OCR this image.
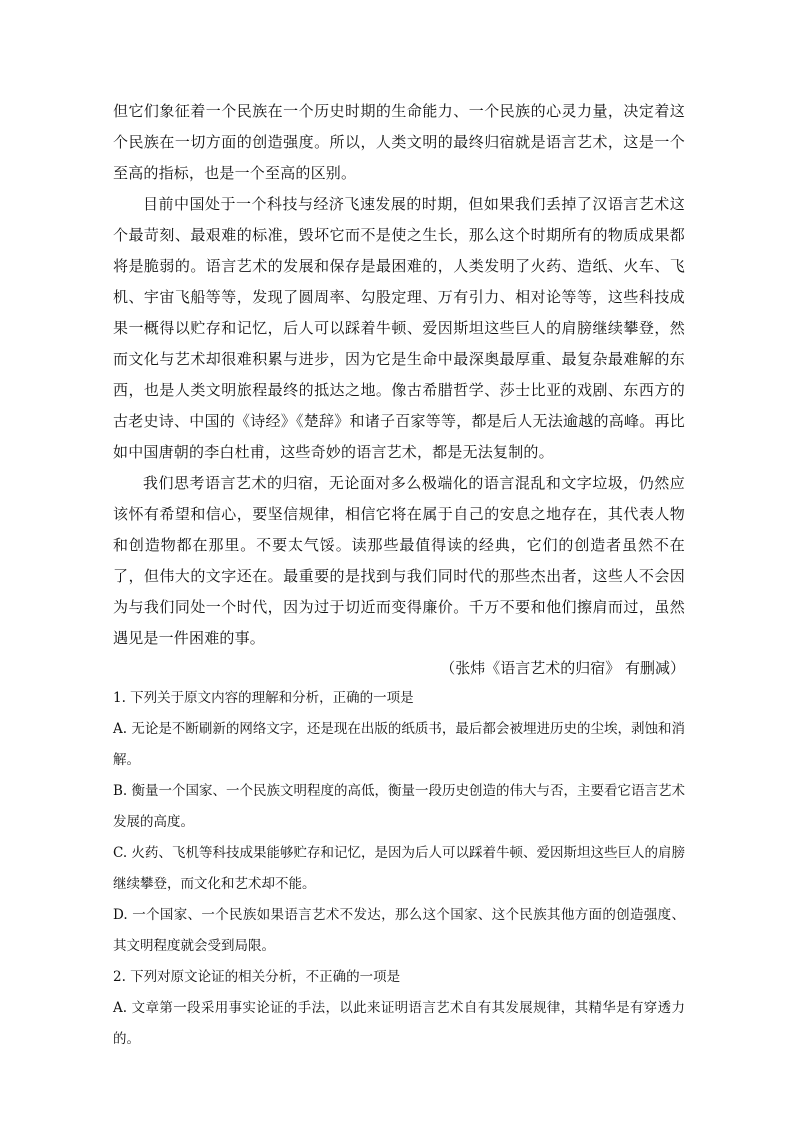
但它们象征着一个民族在一个历史时期的生命能力、一个民族的心灵力量，决定着这个民族在一切方面的创造强度。所以，人类文明的最终归宿就是语言艺术，这是一个至高的指标，也是一个至高的区别。

目前中国处于一个科技与经济飞速发展的时期，但如果我们丢掉了汉语言艺术这个最苛刻、最艰难的标准，毁坏它而不是使之生长，那么这个时期所有的物质成果都将是脆弱的。语言艺术的发展和保存是最困难的，人类发明了火药、造纸、火车、飞机、宇宙飞船等等，发现了圆周率、勾股定理、万有引力、相对论等等，这些科技成果一概得以贮存和记忆，后人可以踩着牛顿、爱因斯坦这些巨人的肩膀继续攀登，然而文化与艺术却很难积累与进步，因为它是生命中最深奥最厚重、最复杂最难解的东西，也是人类文明旅程最终的抵达之地。像古希腊哲学、莎士比亚的戏剧、东西方的古老史诗、中国的《诗经》《楚辞》和诸子百家等等，都是后人无法逾越的高峰。再比如中国唐朝的李白杜甫，这些奇妙的语言艺术，都是无法复制的。

我们思考语言艺术的归宿，无论面对多么极端化的语言混乱和文字垃圾，仍然应该怀有希望和信心，要坚信规律，相信它将在属于自己的安息之地存在，其代表人物和创造物都在那里。不要太气馁。读那些最值得读的经典，它们的创造者虽然不在了，但伟大的文字还在。最重要的是找到与我们同时代的那些杰出者，这些人不会因为与我们同处一个时代，因为过于切近而变得廉价。千万不要和他们擦肩而过，虽然遇见是一件困难的事。

（张炜《语言艺术的归宿》 有删减）

1. 下列关于原文内容的理解和分析，正确的一项是

A. 无论是不断刷新的网络文字，还是现在出版的纸质书，最后都会被埋进历史的尘埃，剥蚀和消解。

B. 衡量一个国家、一个民族文明程度的高低，衡量一段历史创造的伟大与否，主要看它语言艺术发展的高度。

C. 火药、飞机等科技成果能够贮存和记忆，是因为后人可以踩着牛顿、爱因斯坦这些巨人的肩膀继续攀登，而文化和艺术却不能。

D. 一个国家、一个民族如果语言艺术不发达，那么这个国家、这个民族其他方面的创造强度、其文明程度就会受到局限。

2. 下列对原文论证的相关分析，不正确的一项是

A. 文章第一段采用事实论证的手法，以此来证明语言艺术自有其发展规律，其精华是有穿透力的。
